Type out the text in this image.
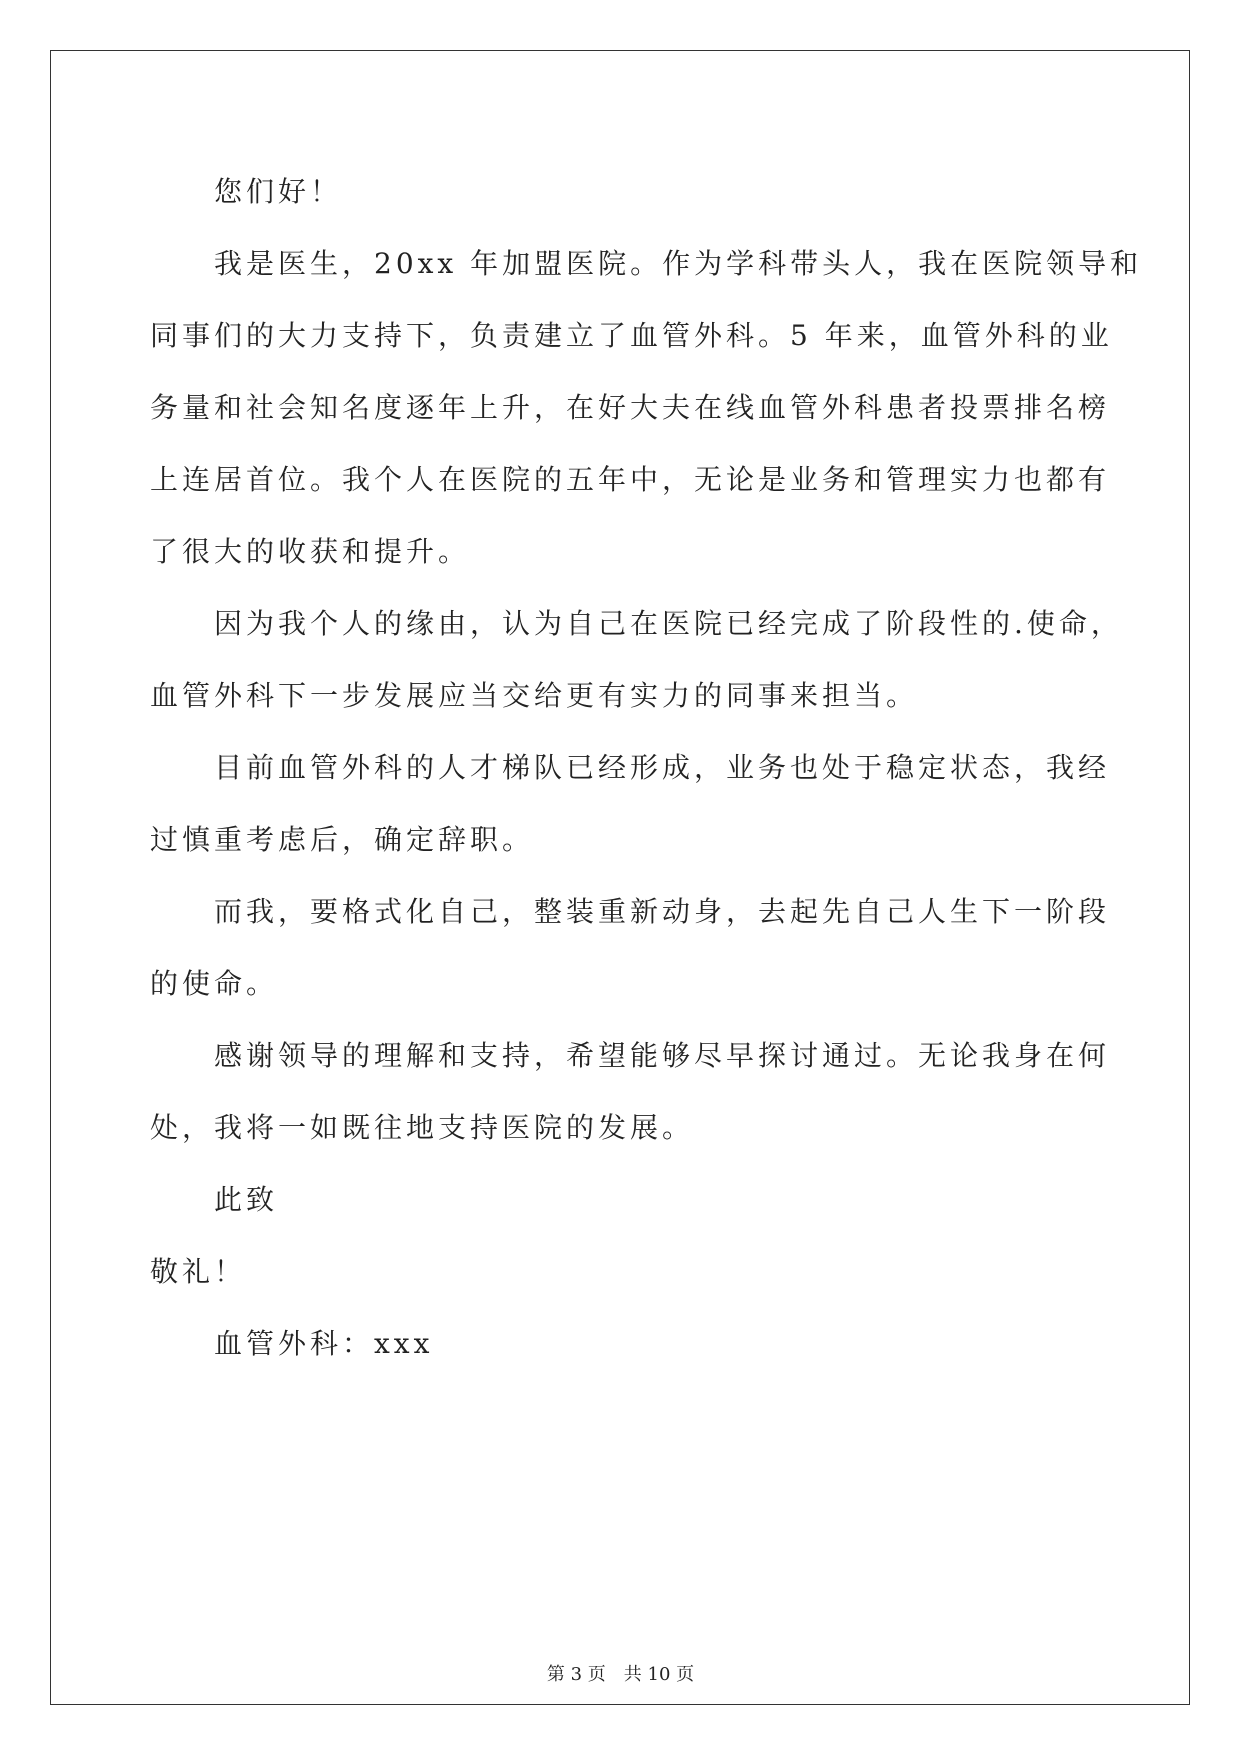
您们好！
我是医生，20xx 年加盟医院。作为学科带头人，我在医院领导和
同事们的大力支持下，负责建立了血管外科。5 年来，血管外科的业
务量和社会知名度逐年上升，在好大夫在线血管外科患者投票排名榜
上连居首位。我个人在医院的五年中，无论是业务和管理实力也都有
了很大的收获和提升。
因为我个人的缘由，认为自己在医院已经完成了阶段性的.使命，
血管外科下一步发展应当交给更有实力的同事来担当。
目前血管外科的人才梯队已经形成，业务也处于稳定状态，我经
过慎重考虑后，确定辞职。
而我，要格式化自己，整装重新动身，去起先自己人生下一阶段
的使命。
感谢领导的理解和支持，希望能够尽早探讨通过。无论我身在何
处，我将一如既往地支持医院的发展。
此致
敬礼！
血管外科：xxx
第 3 页 共 10 页
